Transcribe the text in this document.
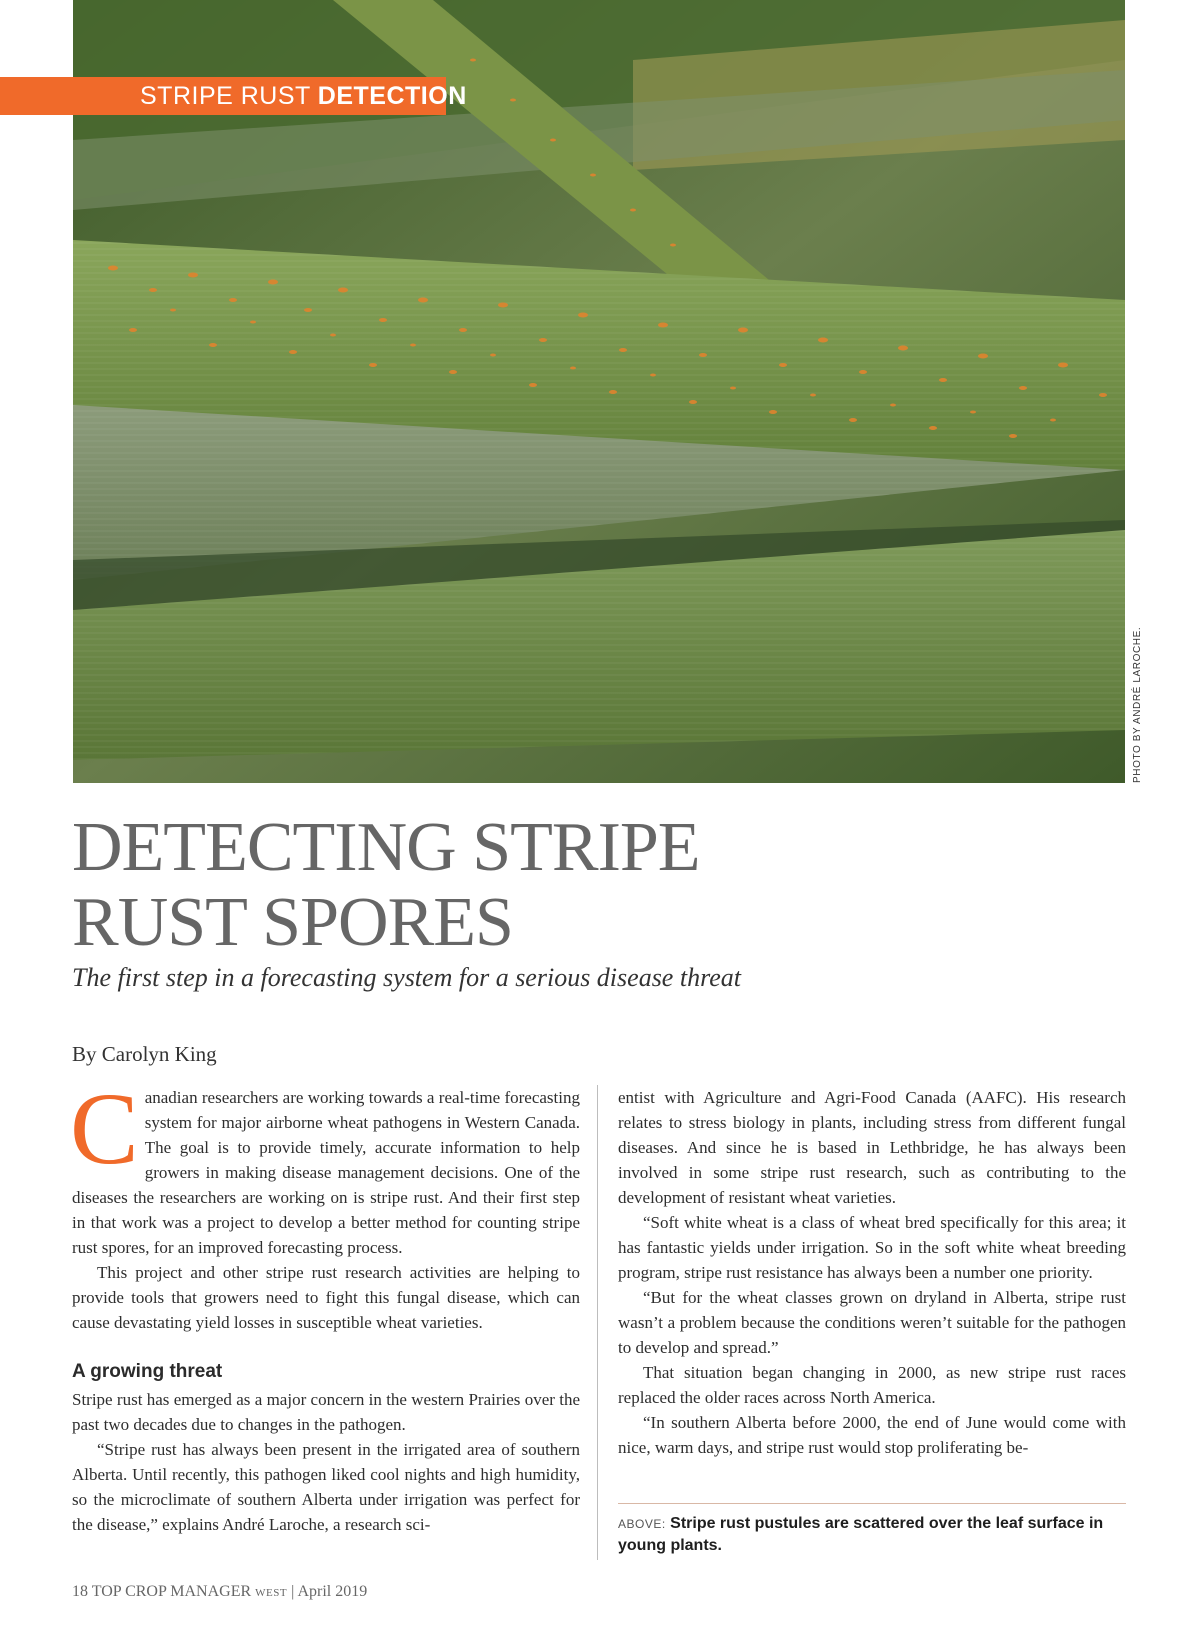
STRIPE RUST DETECTION
PHOTO BY ANDRÉ LAROCHE.
DETECTING STRIPE
RUST SPORES

The first step in a forecasting system for a serious disease threat

By Carolyn King

Canadian researchers are working towards a real-time forecasting system for major airborne wheat pathogens in Western Canada. The goal is to provide timely, accurate information to help growers in making disease management decisions. One of the diseases the researchers are working on is stripe rust. And their first step in that work was a project to develop a better method for counting stripe rust spores, for an improved forecasting process.

This project and other stripe rust research activities are helping to provide tools that growers need to fight this fungal disease, which can cause devastating yield losses in susceptible wheat varieties.

A growing threat

Stripe rust has emerged as a major concern in the western Prairies over the past two decades due to changes in the pathogen.

“Stripe rust has always been present in the irrigated area of southern Alberta. Until recently, this pathogen liked cool nights and high humidity, so the microclimate of southern Alberta under irrigation was perfect for the disease,” explains André Laroche, a research sci-

entist with Agriculture and Agri-Food Canada (AAFC). His research relates to stress biology in plants, including stress from different fungal diseases. And since he is based in Lethbridge, he has always been involved in some stripe rust research, such as contributing to the development of resistant wheat varieties.

“Soft white wheat is a class of wheat bred specifically for this area; it has fantastic yields under irrigation. So in the soft white wheat breeding program, stripe rust resistance has always been a number one priority.

“But for the wheat classes grown on dryland in Alberta, stripe rust wasn’t a problem because the conditions weren’t suitable for the pathogen to develop and spread.”

That situation began changing in 2000, as new stripe rust races replaced the older races across North America.

“In southern Alberta before 2000, the end of June would come with nice, warm days, and stripe rust would stop proliferating be-

ABOVE: Stripe rust pustules are scattered over the leaf surface in young plants.
18 TOP CROP MANAGER WEST | April 2019
